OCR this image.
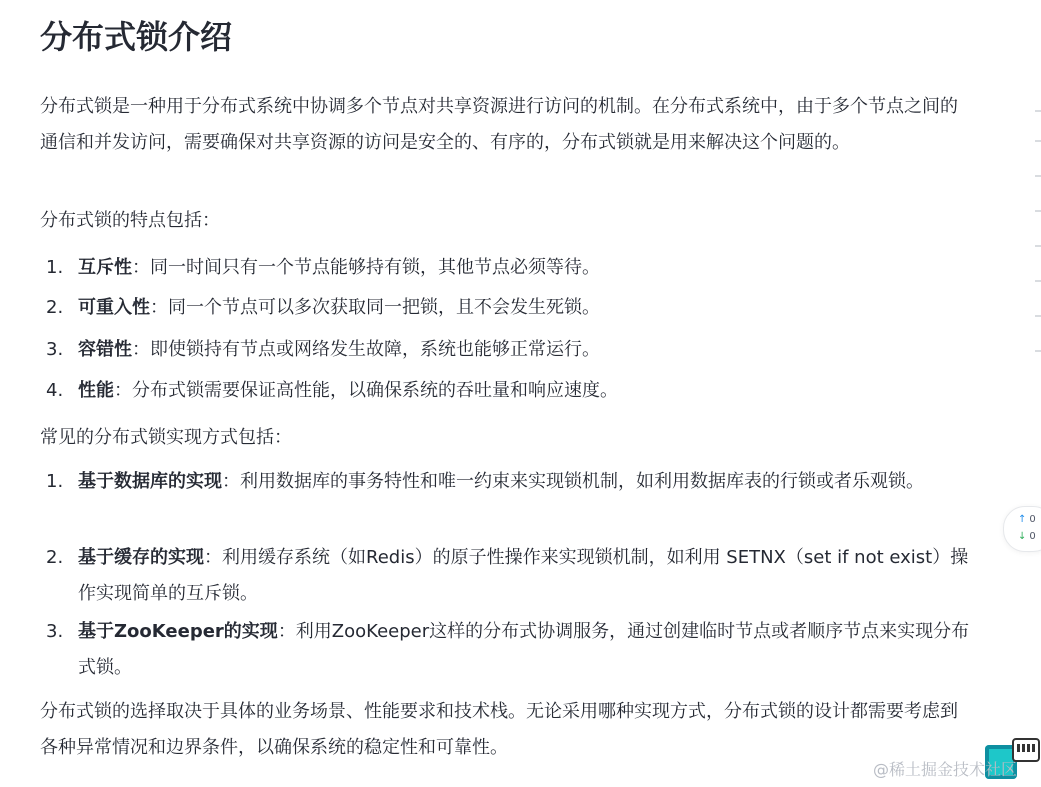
分布式锁介绍

分布式锁是一种用于分布式系统中协调多个节点对共享资源进行访问的机制。在分布式系统中，由于多个节点之间的通信和并发访问，需要确保对共享资源的访问是安全的、有序的，分布式锁就是用来解决这个问题的。

分布式锁的特点包括：

1. 互斥性：同一时间只有一个节点能够持有锁，其他节点必须等待。
2. 可重入性：同一个节点可以多次获取同一把锁，且不会发生死锁。
3. 容错性：即使锁持有节点或网络发生故障，系统也能够正常运行。
4. 性能：分布式锁需要保证高性能，以确保系统的吞吐量和响应速度。

常见的分布式锁实现方式包括：

1. 基于数据库的实现：利用数据库的事务特性和唯一约束来实现锁机制，如利用数据库表的行锁或者乐观锁。
2. 基于缓存的实现：利用缓存系统（如Redis）的原子性操作来实现锁机制，如利用 SETNX（set if not exist）操作实现简单的互斥锁。
3. 基于ZooKeeper的实现：利用ZooKeeper这样的分布式协调服务，通过创建临时节点或者顺序节点来实现分布式锁。

分布式锁的选择取决于具体的业务场景、性能要求和技术栈。无论采用哪种实现方式，分布式锁的设计都需要考虑到各种异常情况和边界条件，以确保系统的稳定性和可靠性。

↑ 0
↓ 0
@稀土掘金技术社区
